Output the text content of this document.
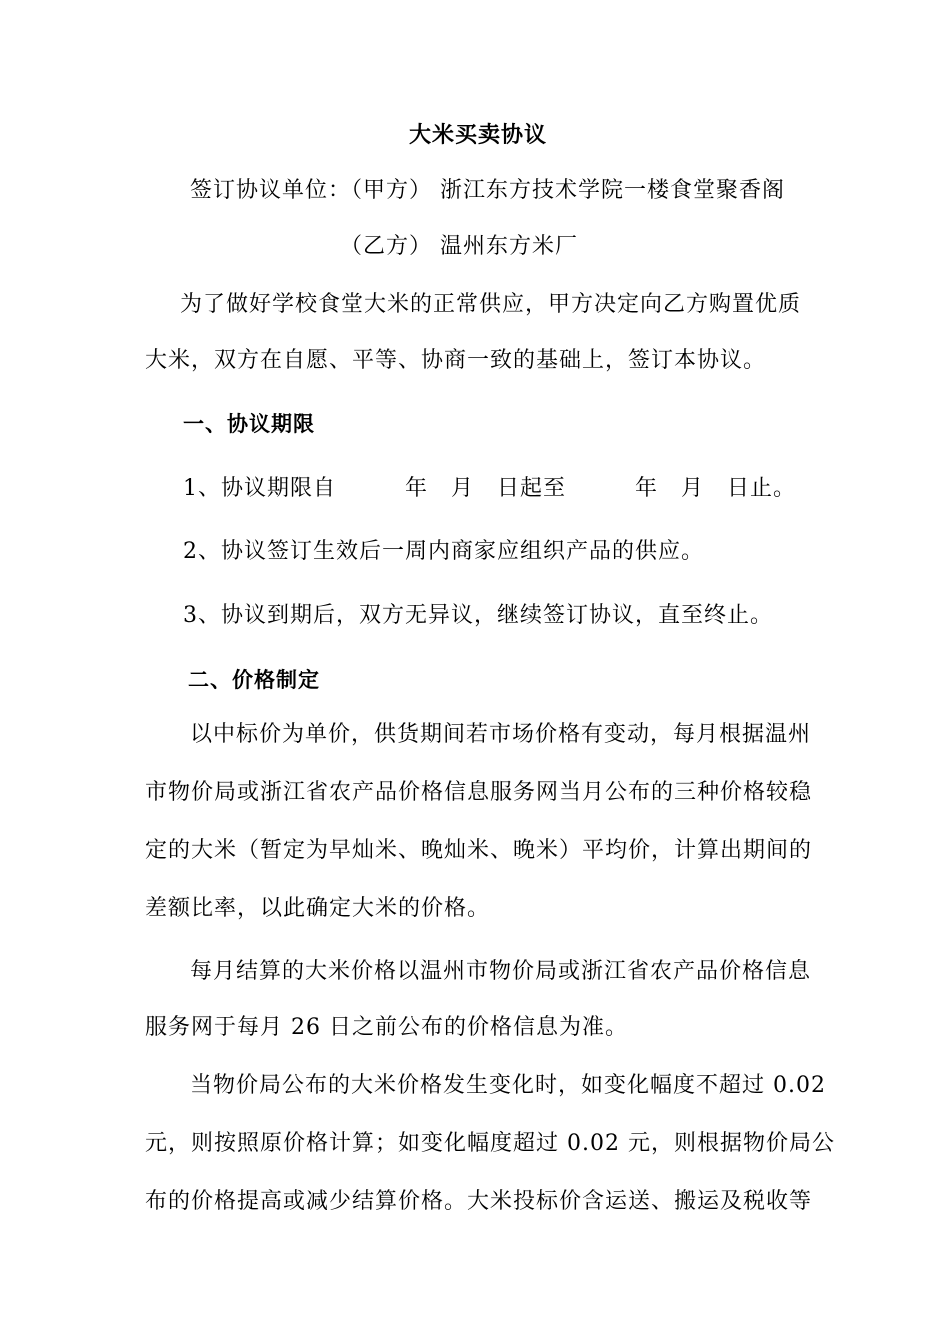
大米买卖协议
签订协议单位：（甲方） 浙江东方技术学院一楼食堂聚香阁
（乙方） 温州东方米厂
为了做好学校食堂大米的正常供应，甲方决定向乙方购置优质
大米，双方在自愿、平等、协商一致的基础上，签订本协议。
一、协议期限
1、协议期限自　　　年　月　日起至　　　年　月　日止。
2、协议签订生效后一周内商家应组织产品的供应。
3、协议到期后，双方无异议，继续签订协议，直至终止。
二、价格制定
以中标价为单价，供货期间若市场价格有变动，每月根据温州
市物价局或浙江省农产品价格信息服务网当月公布的三种价格较稳
定的大米（暂定为早灿米、晚灿米、晚米）平均价，计算出期间的
差额比率，以此确定大米的价格。
每月结算的大米价格以温州市物价局或浙江省农产品价格信息
服务网于每月 26 日之前公布的价格信息为准。
当物价局公布的大米价格发生变化时，如变化幅度不超过 0.02
元，则按照原价格计算；如变化幅度超过 0.02 元，则根据物价局公
布的价格提高或减少结算价格。大米投标价含运送、搬运及税收等
